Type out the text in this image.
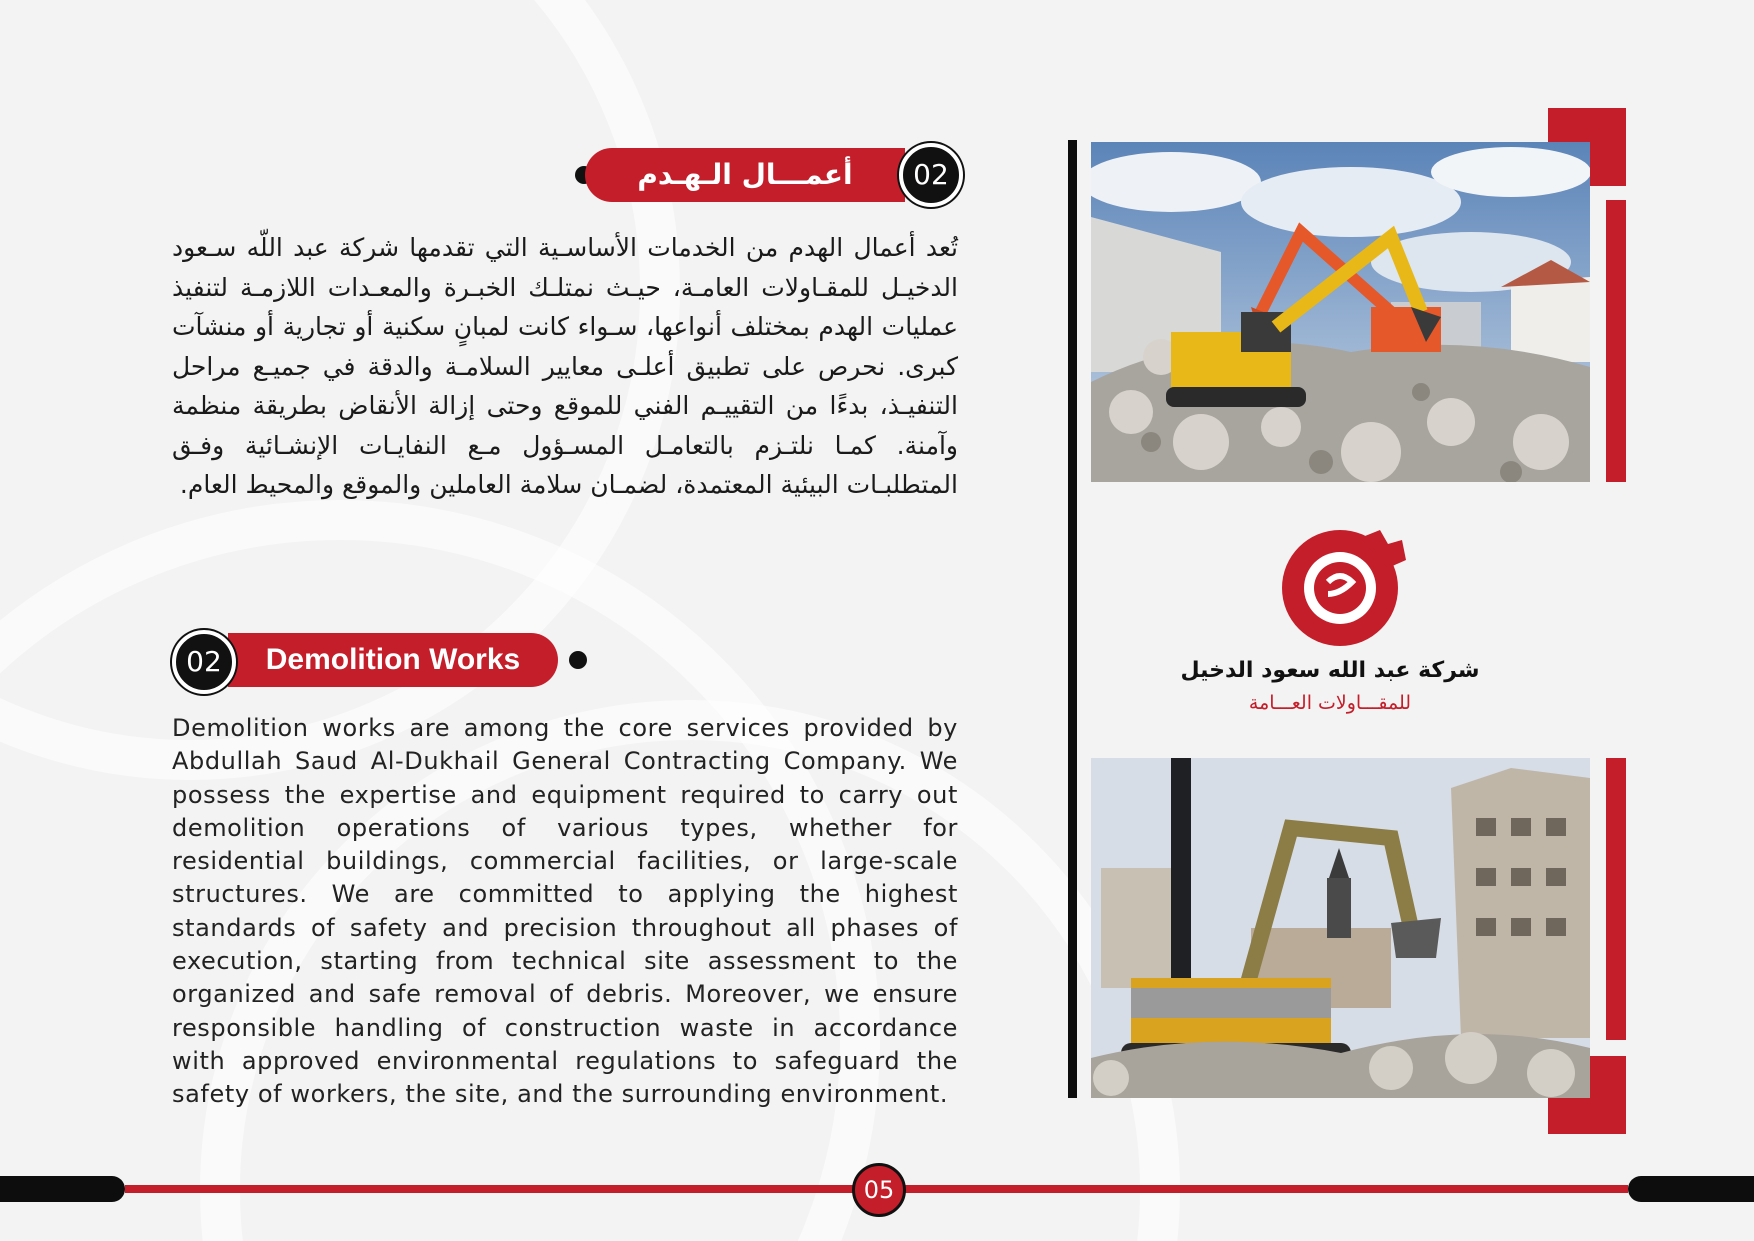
أعمـــال الـهـدم	02
تُعد أعمال الهدم من الخدمات الأساسـية التي تقدمها شركة عبد اللّه سـعود الدخيـل للمقـاولات العامـة، حيـث نمتلـك الخبـرة والمعـدات اللازمـة لتنفيذ عمليات الهدم بمختلف أنواعها، سـواء كانت لمبانٍ سكنية أو تجارية أو منشآت كبرى. نحرص على تطبيق أعلـى معايير السلامـة والدقة في جميـع مراحل التنفيـذ، بدءًا من التقييـم الفني للموقع وحتى إزالة الأنقاض بطريقة منظمة وآمنة. كمـا نلتـزم بالتعامـل المسـؤول مـع النفايـات الإنشـائية وفـق المتطلبـات البيئية المعتمدة، لضمـان سلامة العاملين والموقع والمحيط العام.
Demolition Works
02
Demolition works are among the core services provided by Abdullah Saud Al-Dukhail General Contracting Company. We possess the expertise and equipment required to carry out demolition operations of various types, whether for residential buildings, commercial facilities, or large-scale structures. We are committed to applying the highest standards of safety and precision throughout all phases of execution, starting from technical site assessment to the organized and safe removal of debris. Moreover, we ensure responsible handling of construction waste in accordance with approved environmental regulations to safeguard the safety of workers, the site, and the surrounding environment.
شركة عبد الله سعود الدخيل
للمقـــاولات العـــامة
05
